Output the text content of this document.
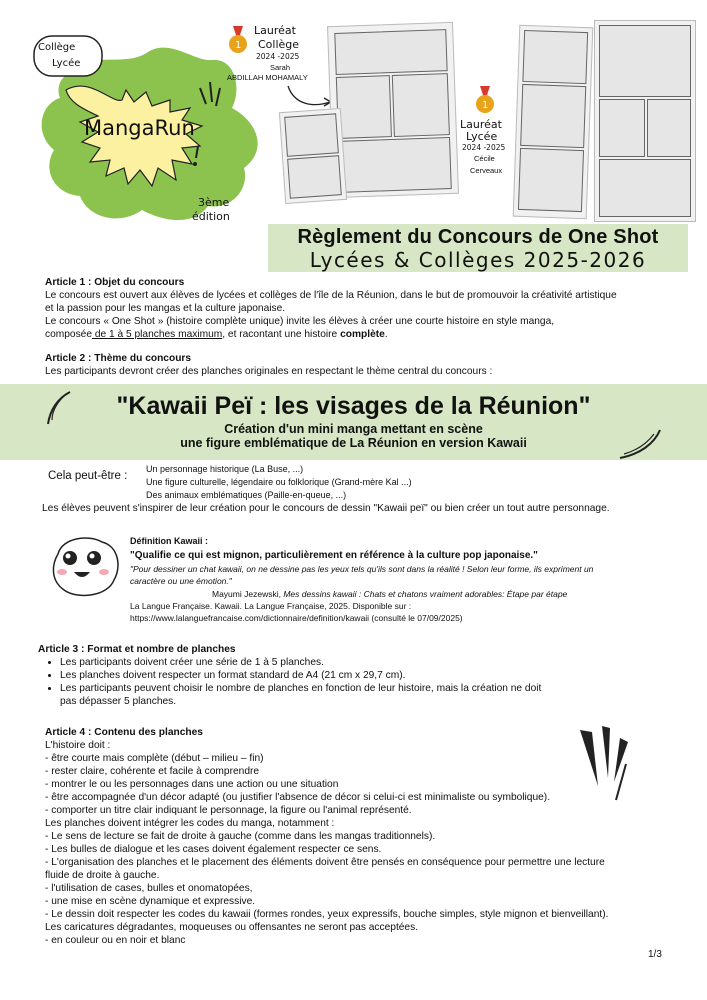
Collège
Lycée
MangaRun
3ème
édition
1
Lauréat
Collège
2024 -2025
Sarah
ABDILLAH MOHAMALY
1
Lauréat
Lycée
2024 -2025
Cécile
Cerveaux
Règlement du Concours de One Shot
Lycées & Collèges 2025-2026
Article 1 : Objet du concours
Le concours est ouvert aux élèves de lycées et collèges de l'île de la Réunion, dans le but de promouvoir la créativité artistique
et la passion pour les mangas et la culture japonaise.
Le concours « One Shot » (histoire complète unique) invite les élèves à créer une courte histoire en style manga,
composée de 1 à 5 planches maximum, et racontant une histoire complète.
Article 2 : Thème du concours
Les participants devront créer des planches originales en respectant le thème central du concours :
"Kawaii Peï : les visages de la Réunion"
Création d'un mini manga mettant en scène
une figure emblématique de La Réunion en version Kawaii
Cela peut-être :
Un personnage historique (La Buse, ...)
Une figure culturelle, légendaire ou folklorique (Grand-mère Kal ...)
Des animaux emblématiques (Paille-en-queue, ...)
Les élèves peuvent s'inspirer de leur création pour le concours de dessin "Kawaii peï" ou bien créer un tout autre personnage.
Définition Kawaii :
"Qualifie ce qui est mignon, particulièrement en référence à la culture pop japonaise."
"Pour dessiner un chat kawaii, on ne dessine pas les yeux tels qu'ils sont dans la réalité ! Selon leur forme, ils expriment un
caractère ou une émotion."
Mayumi Jezewski, Mes dessins kawaii : Chats et chatons vraiment adorables: Étape par étape
La Langue Française. Kawaii. La Langue Française, 2025. Disponible sur :
https://www.lalanguefrancaise.com/dictionnaire/definition/kawaii (consulté le 07/09/2025)
Article 3 : Format et nombre de planches
• Les participants doivent créer une série de 1 à 5 planches.
• Les planches doivent respecter un format standard de A4 (21 cm x 29,7 cm).
• Les participants peuvent choisir le nombre de planches en fonction de leur histoire, mais la création ne doit
pas dépasser 5 planches.
Article 4 : Contenu des planches
L'histoire doit :
- être courte mais complète (début – milieu – fin)
- rester claire, cohérente et facile à comprendre
- montrer le ou les personnages dans une action ou une situation
- être accompagnée d'un décor adapté (ou justifier l'absence de décor si celui-ci est minimaliste ou symbolique).
- comporter un titre clair indiquant le personnage, la figure ou l'animal représenté.
Les planches doivent intégrer les codes du manga, notamment :
- Le sens de lecture se fait de droite à gauche (comme dans les mangas traditionnels).
- Les bulles de dialogue et les cases doivent également respecter ce sens.
- L'organisation des planches et le placement des éléments doivent être pensés en conséquence pour permettre une lecture
fluide de droite à gauche.
- l'utilisation de cases, bulles et onomatopées,
- une mise en scène dynamique et expressive.
- Le dessin doit respecter les codes du kawaii (formes rondes, yeux expressifs, bouche simples, style mignon et bienveillant).
Les caricatures dégradantes, moqueuses ou offensantes ne seront pas acceptées.
- en couleur ou en noir et blanc
1/3
